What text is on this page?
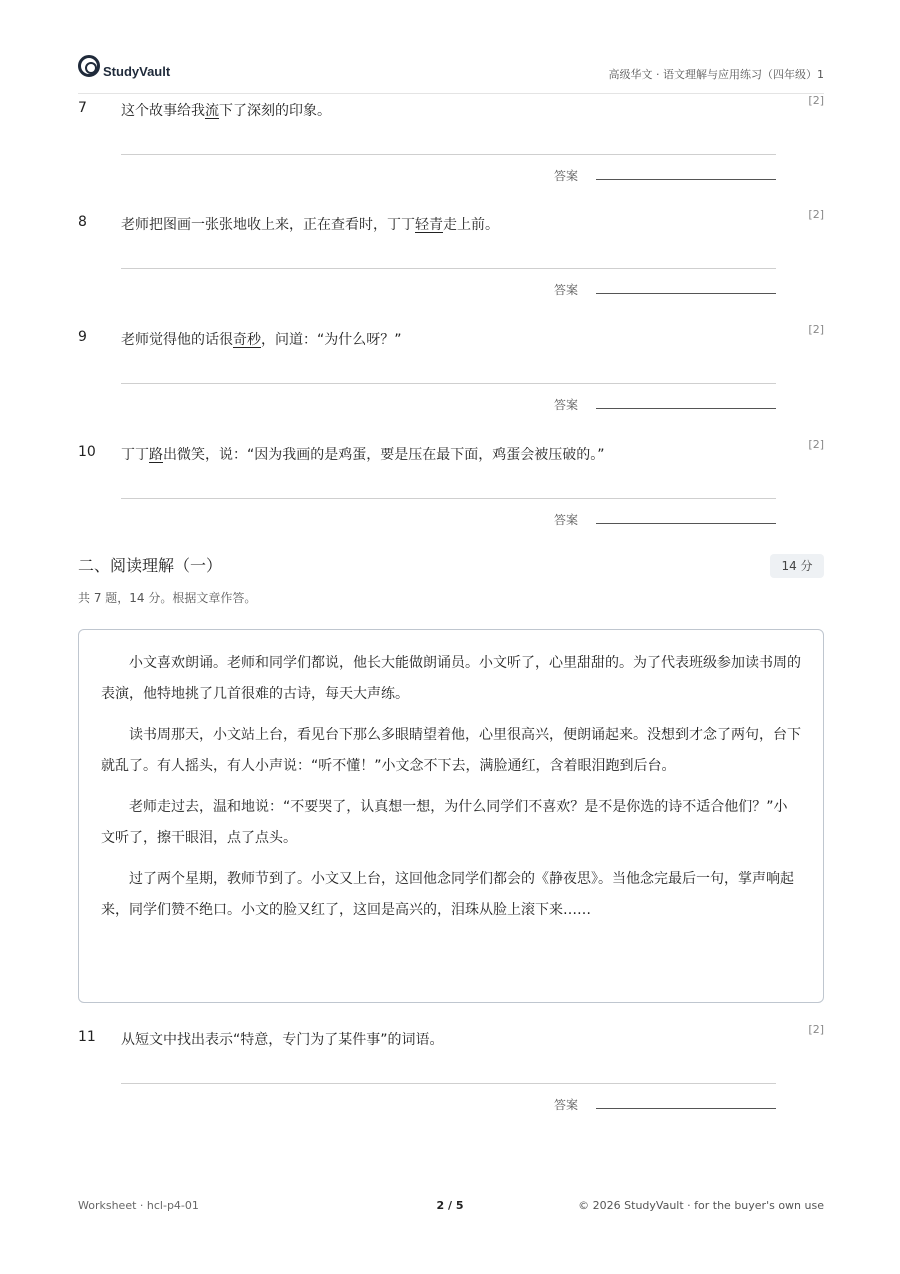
StudyVault	高级华文 · 语文理解与应用练习（四年级）1
7 这个故事给我流下了深刻的印象。
[2]
答案
8 老师把图画一张张地收上来，正在查看时，丁丁轻青走上前。
[2]
答案
9 老师觉得他的话很奇秒，问道：“为什么呀？”
[2]
答案
10 丁丁路出微笑，说：“因为我画的是鸡蛋，要是压在最下面，鸡蛋会被压破的。”
[2]
答案
二、阅读理解（一）	14 分
共 7 题，14 分。根据文章作答。

小文喜欢朗诵。老师和同学们都说，他长大能做朗诵员。小文听了，心里甜甜的。为了代表班级参加读书周的表演，他特地挑了几首很难的古诗，每天大声练。

读书周那天，小文站上台，看见台下那么多眼睛望着他，心里很高兴，便朗诵起来。没想到才念了两句，台下就乱了。有人摇头，有人小声说：“听不懂！”小文念不下去，满脸通红，含着眼泪跑到后台。

老师走过去，温和地说：“不要哭了，认真想一想，为什么同学们不喜欢？是不是你选的诗不适合他们？”小文听了，擦干眼泪，点了点头。

过了两个星期，教师节到了。小文又上台，这回他念同学们都会的《静夜思》。当他念完最后一句，掌声响起来，同学们赞不绝口。小文的脸又红了，这回是高兴的，泪珠从脸上滚下来……

11 从短文中找出表示“特意，专门为了某件事”的词语。
[2]
答案
Worksheet · hcl-p4-01	2 / 5	© 2026 StudyVault · for the buyer's own use
